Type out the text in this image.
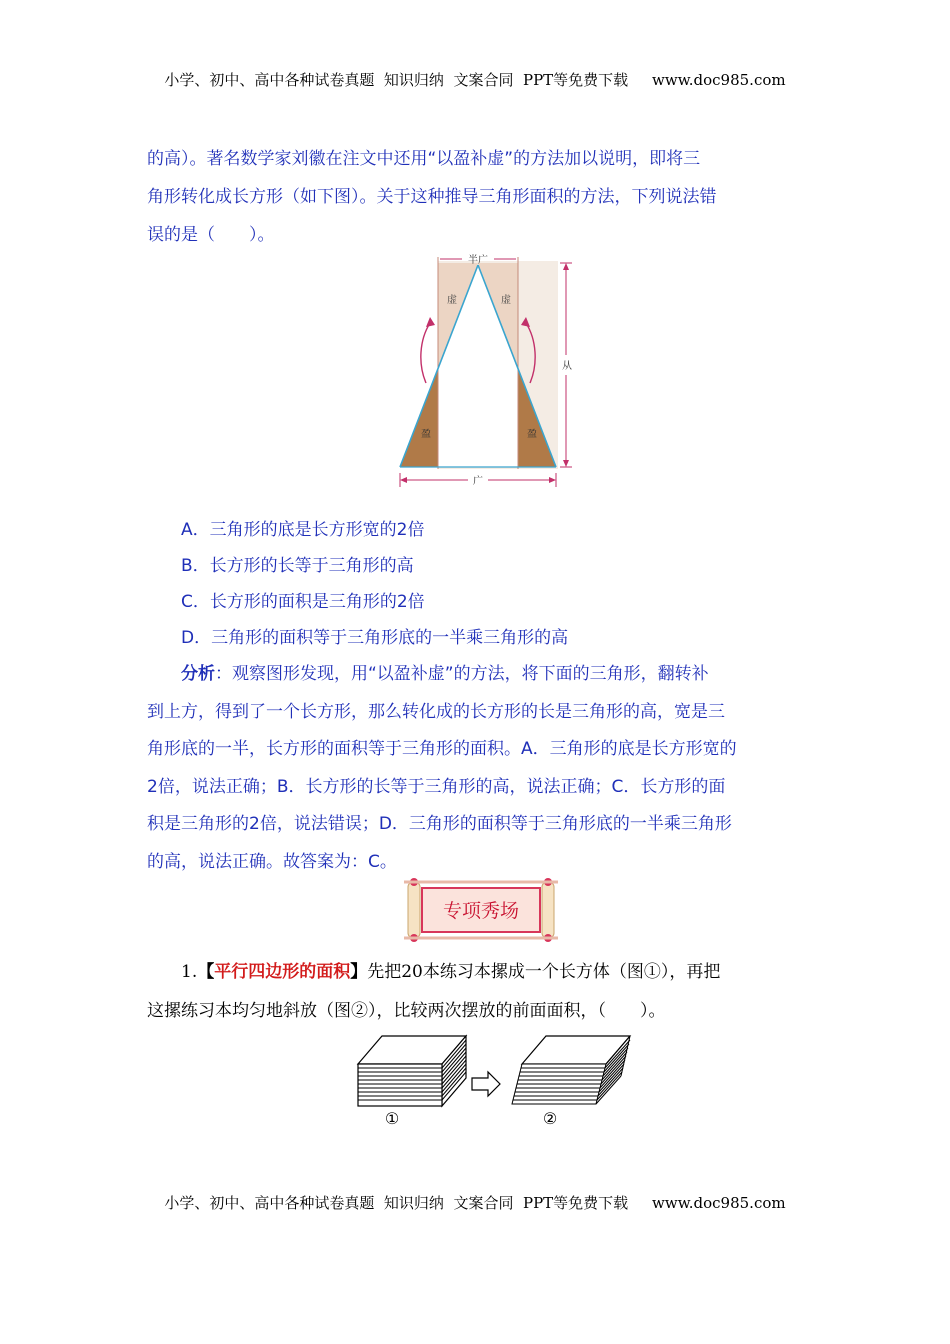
小学、初中、高中各种试卷真题  知识归纳  文案合同  PPT等免费下载     www.doc985.com
的高）。著名数学家刘徽在注文中还用“以盈补虚”的方法加以说明，即将三
角形转化成长方形（如下图）。关于这种推导三角形面积的方法，下列说法错
误的是（　　）。
半广
从
广
虚	虚
盈	盈
A．三角形的底是长方形宽的2倍
B．长方形的长等于三角形的高
C．长方形的面积是三角形的2倍
D．三角形的面积等于三角形底的一半乘三角形的高
分析：观察图形发现，用“以盈补虚”的方法，将下面的三角形，翻转补
到上方，得到了一个长方形，那么转化成的长方形的长是三角形的高，宽是三
角形底的一半，长方形的面积等于三角形的面积。A．三角形的底是长方形宽的
2倍，说法正确；B．长方形的长等于三角形的高，说法正确；C．长方形的面
积是三角形的2倍，说法错误；D．三角形的面积等于三角形底的一半乘三角形
的高，说法正确。故答案为：C。
专项秀场
1.【平行四边形的面积】先把20本练习本摞成一个长方体（图①），再把
这摞练习本均匀地斜放（图②），比较两次摆放的前面面积，（　　）。
①	②
小学、初中、高中各种试卷真题  知识归纳  文案合同  PPT等免费下载     www.doc985.com
